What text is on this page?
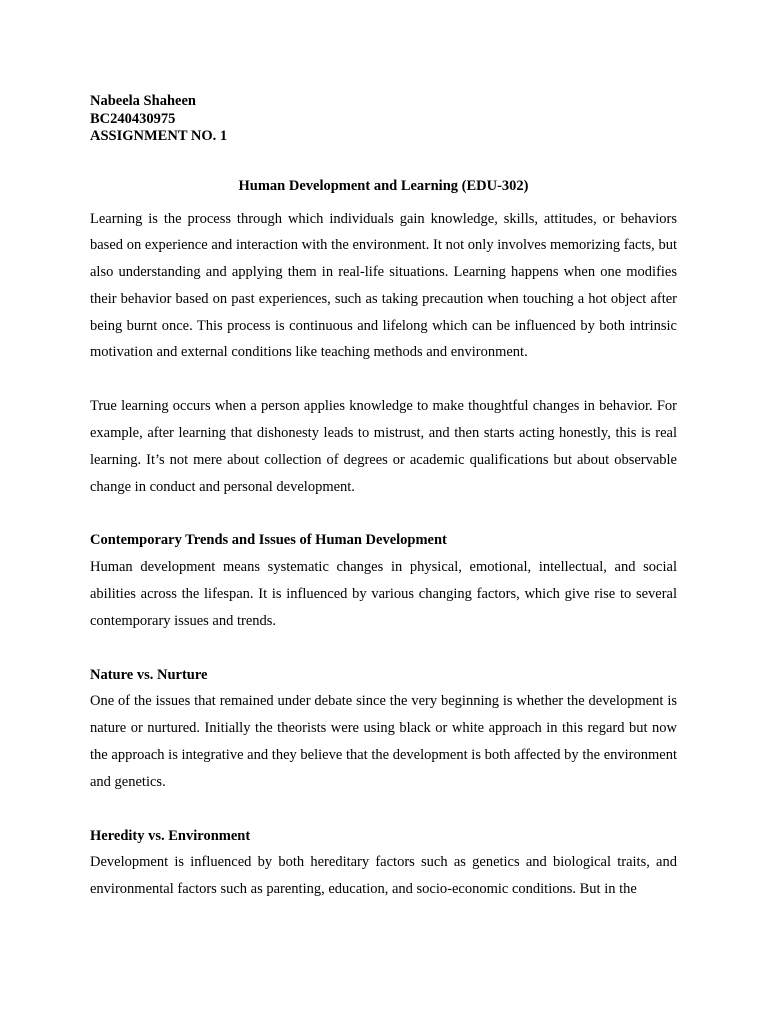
Nabeela Shaheen
BC240430975
ASSIGNMENT NO. 1
Human Development and Learning (EDU-302)

Learning is the process through which individuals gain knowledge, skills, attitudes, or behaviors based on experience and interaction with the environment. It not only involves memorizing facts, but also understanding and applying them in real-life situations. Learning happens when one modifies their behavior based on past experiences, such as taking precaution when touching a hot object after being burnt once. This process is continuous and lifelong which can be influenced by both intrinsic motivation and external conditions like teaching methods and environment.

True learning occurs when a person applies knowledge to make thoughtful changes in behavior. For example, after learning that dishonesty leads to mistrust, and then starts acting honestly, this is real learning. It’s not mere about collection of degrees or academic qualifications but about observable change in conduct and personal development.

Contemporary Trends and Issues of Human Development

Human development means systematic changes in physical, emotional, intellectual, and social abilities across the lifespan. It is influenced by various changing factors, which give rise to several contemporary issues and trends.

Nature vs. Nurture

One of the issues that remained under debate since the very beginning is whether the development is nature or nurtured. Initially the theorists were using black or white approach in this regard but now the approach is integrative and they believe that the development is both affected by the environment and genetics.

Heredity vs. Environment

Development is influenced by both hereditary factors such as genetics and biological traits, and environmental factors such as parenting, education, and socio-economic conditions. But in the
